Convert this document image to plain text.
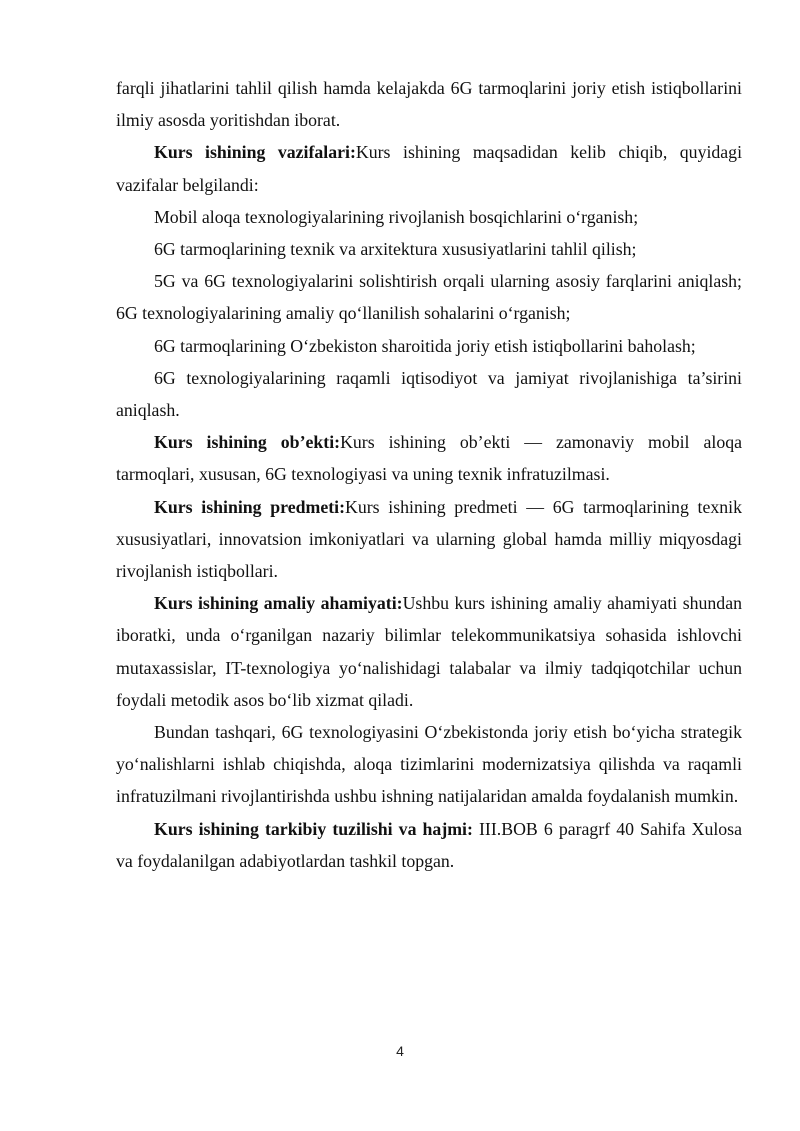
farqli jihatlarini tahlil qilish hamda kelajakda 6G tarmoqlarini joriy etish istiqbollarini ilmiy asosda yoritishdan iborat.

Kurs ishining vazifalari:Kurs ishining maqsadidan kelib chiqib, quyidagi vazifalar belgilandi:

Mobil aloqa texnologiyalarining rivojlanish bosqichlarini o‘rganish;

6G tarmoqlarining texnik va arxitektura xususiyatlarini tahlil qilish;

5G va 6G texnologiyalarini solishtirish orqali ularning asosiy farqlarini aniqlash; 6G texnologiyalarining amaliy qo‘llanilish sohalarini o‘rganish;

6G tarmoqlarining O‘zbekiston sharoitida joriy etish istiqbollarini baholash;

6G texnologiyalarining raqamli iqtisodiyot va jamiyat rivojlanishiga ta’sirini aniqlash.

Kurs ishining ob’ekti:Kurs ishining ob’ekti — zamonaviy mobil aloqa tarmoqlari, xususan, 6G texnologiyasi va uning texnik infratuzilmasi.

Kurs ishining predmeti:Kurs ishining predmeti — 6G tarmoqlarining texnik xususiyatlari, innovatsion imkoniyatlari va ularning global hamda milliy miqyosdagi rivojlanish istiqbollari.

Kurs ishining amaliy ahamiyati:Ushbu kurs ishining amaliy ahamiyati shundan iboratki, unda o‘rganilgan nazariy bilimlar telekommunikatsiya sohasida ishlovchi mutaxassislar, IT-texnologiya yo‘nalishidagi talabalar va ilmiy tadqiqotchilar uchun foydali metodik asos bo‘lib xizmat qiladi.

Bundan tashqari, 6G texnologiyasini O‘zbekistonda joriy etish bo‘yicha strategik yo‘nalishlarni ishlab chiqishda, aloqa tizimlarini modernizatsiya qilishda va raqamli infratuzilmani rivojlantirishda ushbu ishning natijalaridan amalda foydalanish mumkin.

Kurs ishining tarkibiy tuzilishi va hajmi: III.BOB 6 paragrf 40 Sahifa Xulosa va foydalanilgan adabiyotlardan tashkil topgan.

4
